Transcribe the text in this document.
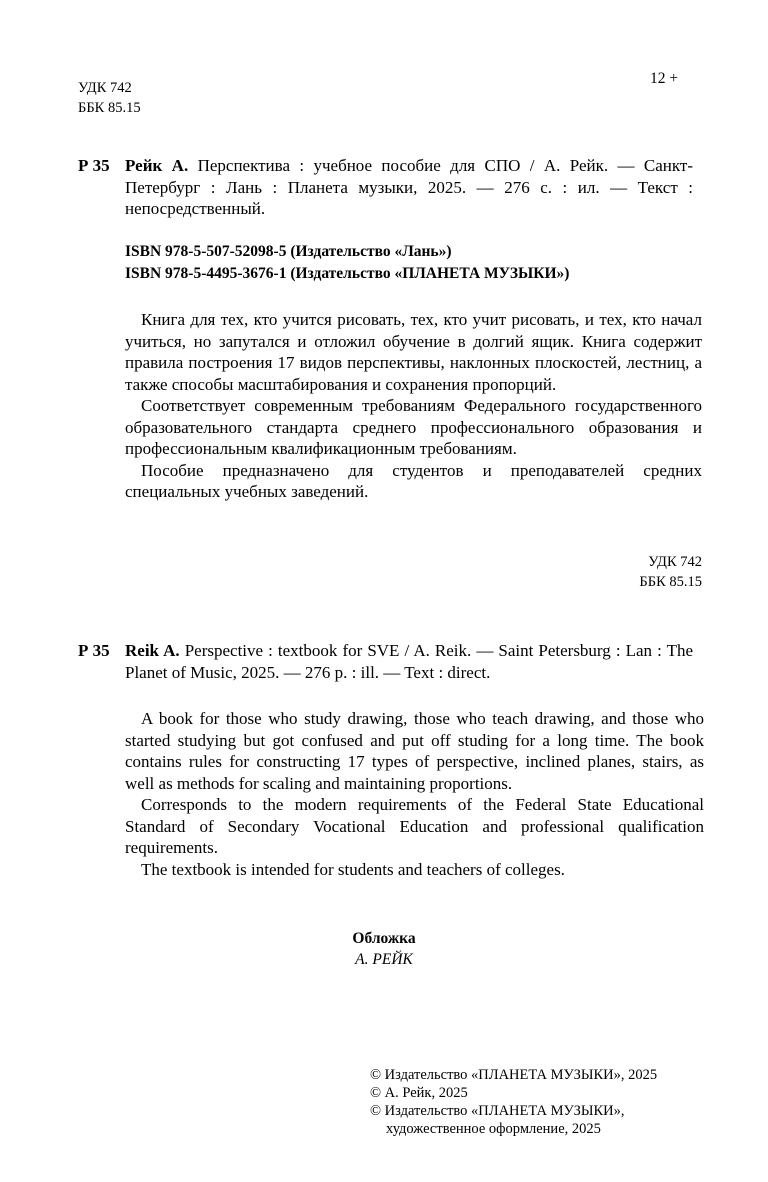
УДК 742
ББК 85.15
12 +
Р 35 Рейк А. Перспектива : учебное пособие для СПО / А. Рейк. — Санкт-Петербург : Лань : Планета музыки, 2025. — 276 с. : ил. — Текст : непосредственный.

ISBN 978-5-507-52098-5 (Издательство «Лань»)
ISBN 978-5-4495-3676-1 (Издательство «ПЛАНЕТА МУЗЫКИ»)

Книга для тех, кто учится рисовать, тех, кто учит рисовать, и тех, кто начал учиться, но запутался и отложил обучение в долгий ящик. Книга содержит правила построения 17 видов перспективы, наклонных плоскостей, лестниц, а также способы масштабирования и сохранения пропорций.

Соответствует современным требованиям Федерального государственного образовательного стандарта среднего профессионального образования и профессиональным квалификационным требованиям.

Пособие предназначено для студентов и преподавателей средних специальных учебных заведений.

УДК 742
ББК 85.15
Р 35 Reik A. Perspective : textbook for SVE / A. Reik. — Saint Petersburg : Lan : The Planet of Music, 2025. — 276 p. : ill. — Text : direct.

A book for those who study drawing, those who teach drawing, and those who started studying but got confused and put off studing for a long time. The book contains rules for constructing 17 types of perspective, inclined planes, stairs, as well as methods for scaling and maintaining proportions.

Corresponds to the modern requirements of the Federal State Educational Standard of Secondary Vocational Education and professional qualification requirements.

The textbook is intended for students and teachers of colleges.

Обложка
А. РЕЙК
© Издательство «ПЛАНЕТА МУЗЫКИ», 2025
© А. Рейк, 2025
© Издательство «ПЛАНЕТА МУЗЫКИ»,
художественное оформление, 2025
